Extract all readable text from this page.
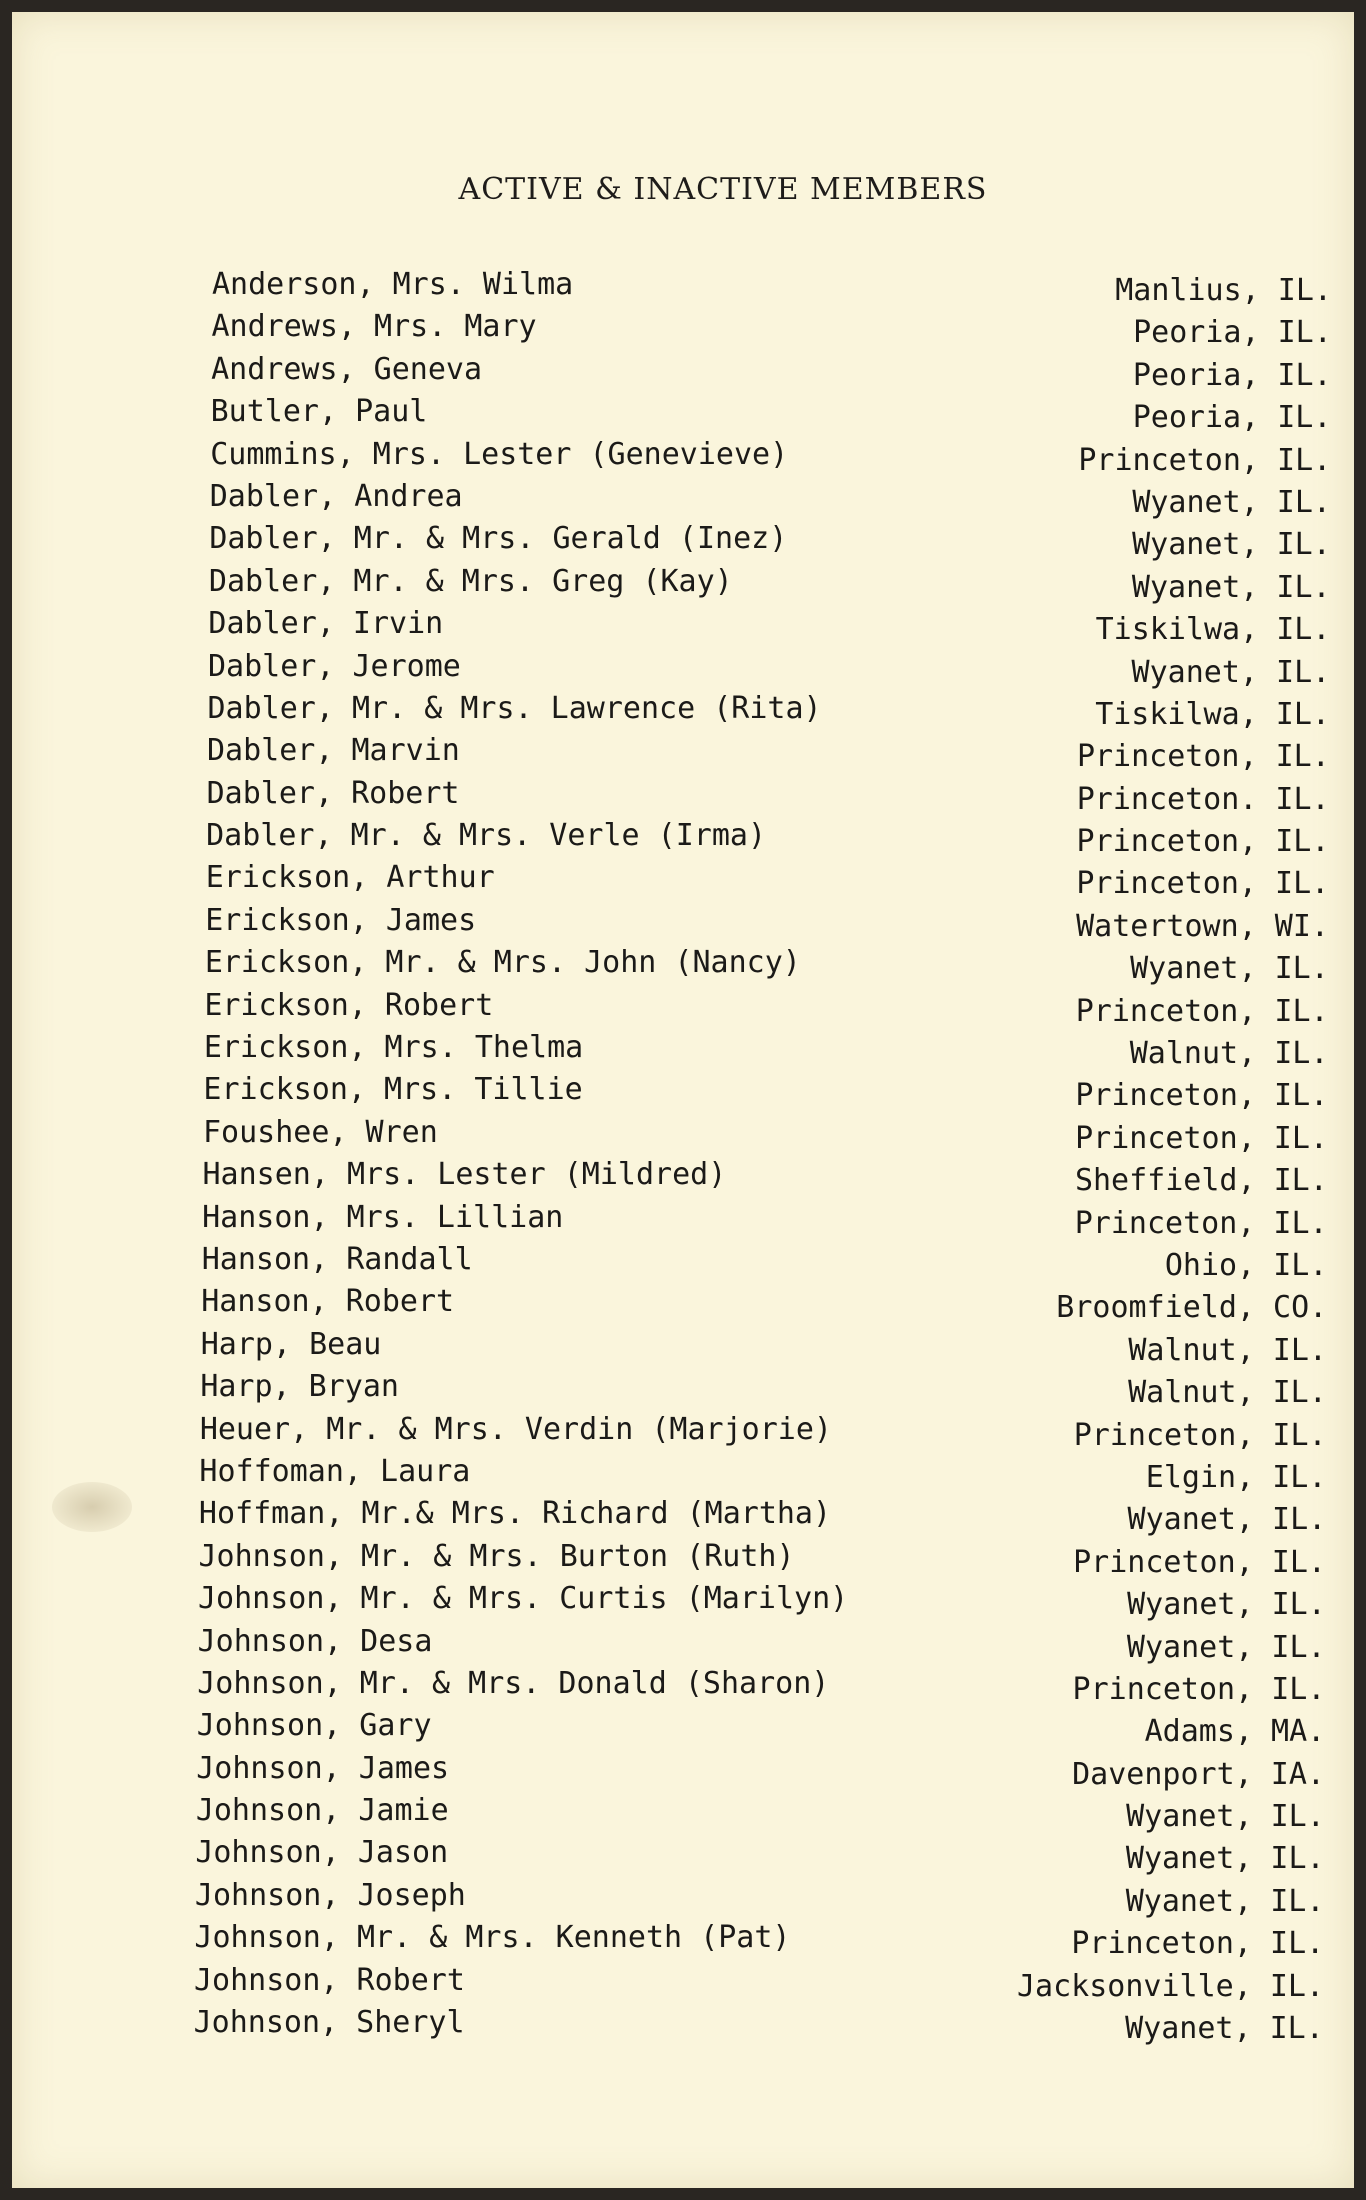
ACTIVE & INACTIVE MEMBERS
Anderson, Mrs. Wilma	Manlius, IL.
Andrews, Mrs. Mary	Peoria, IL.
Andrews, Geneva	Peoria, IL.
Butler, Paul	Peoria, IL.
Cummins, Mrs. Lester (Genevieve)	Princeton, IL.
Dabler, Andrea	Wyanet, IL.
Dabler, Mr. & Mrs. Gerald (Inez)	Wyanet, IL.
Dabler, Mr. & Mrs. Greg (Kay)	Wyanet, IL.
Dabler, Irvin	Tiskilwa, IL.
Dabler, Jerome	Wyanet, IL.
Dabler, Mr. & Mrs. Lawrence (Rita)	Tiskilwa, IL.
Dabler, Marvin	Princeton, IL.
Dabler, Robert	Princeton. IL.
Dabler, Mr. & Mrs. Verle (Irma)	Princeton, IL.
Erickson, Arthur	Princeton, IL.
Erickson, James	Watertown, WI.
Erickson, Mr. & Mrs. John (Nancy)	Wyanet, IL.
Erickson, Robert	Princeton, IL.
Erickson, Mrs. Thelma	Walnut, IL.
Erickson, Mrs. Tillie	Princeton, IL.
Foushee, Wren	Princeton, IL.
Hansen, Mrs. Lester (Mildred)	Sheffield, IL.
Hanson, Mrs. Lillian	Princeton, IL.
Hanson, Randall	Ohio, IL.
Hanson, Robert	Broomfield, CO.
Harp, Beau	Walnut, IL.
Harp, Bryan	Walnut, IL.
Heuer, Mr. & Mrs. Verdin (Marjorie)	Princeton, IL.
Hoffoman, Laura	Elgin, IL.
Hoffman, Mr.& Mrs. Richard (Martha)	Wyanet, IL.
Johnson, Mr. & Mrs. Burton (Ruth)	Princeton, IL.
Johnson, Mr. & Mrs. Curtis (Marilyn)	Wyanet, IL.
Johnson, Desa	Wyanet, IL.
Johnson, Mr. & Mrs. Donald (Sharon)	Princeton, IL.
Johnson, Gary	Adams, MA.
Johnson, James	Davenport, IA.
Johnson, Jamie	Wyanet, IL.
Johnson, Jason	Wyanet, IL.
Johnson, Joseph	Wyanet, IL.
Johnson, Mr. & Mrs. Kenneth (Pat)	Princeton, IL.
Johnson, Robert	Jacksonville, IL.
Johnson, Sheryl	Wyanet, IL.
